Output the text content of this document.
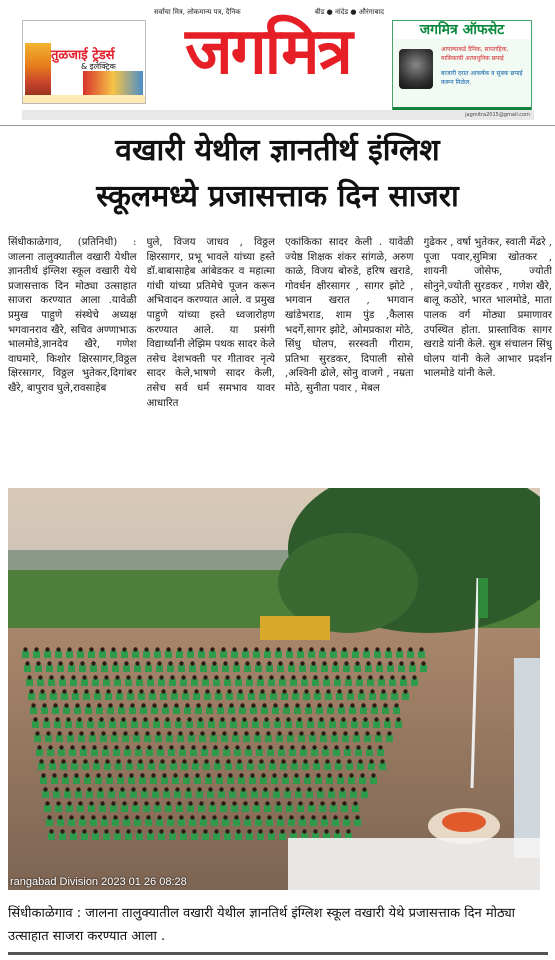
तुळजाई ट्रेडर्स
& इलेक्ट्रिक
सर्वांचा मित्र, लोकमान्य पत्र, दैनिक	बीड ● नांदेड ● औरंगाबाद
जगमित्र	जगमित्र ऑफसेट
आपल्याकडे दैनिक, साप्ताहिक, मासिकाची अत्याधुनिक छपाई
बाजारी दरात आकर्षक व सुबक छपाई करून मिळेल.
jagmitra2015@gmail.com
वखारी येथील ज्ञानतीर्थ इंग्लिश
स्कूलमध्ये प्रजासत्ताक दिन साजरा
सिंधीकाळेगाव, (प्रतिनिधी) : जालना तालुक्यातील वखारी येथील ज्ञानतीर्थ इंग्लिश स्कूल वखारी येथे प्रजासत्ताक दिन मोठ्या उत्साहात साजरा करण्यात आला .यावेळी प्रमुख पाहुणे संस्थेचे अध्यक्ष भगवानराव खैरे, सचिव अण्णाभाऊ भालमोडे,ज्ञानदेव खैरे, गणेश वाघमारे, किशोर क्षिरसागर,विठ्ठल क्षिरसागर, विठ्ठल भुतेकर,दिगांबर खैरे, बापुराव घुले,रावसाहेब
घुले, विजय जाधव , विठ्ठल क्षिरसागर, प्रभू भावले यांच्या हस्ते डॉ.बाबासाहेब आंबेडकर व महात्मा गांधी यांच्या प्रतिमेचे पूजन करून अभिवादन करण्यात आले. व प्रमुख पाहुणे यांच्या हस्ते ध्वजारोहण करण्यात आले. या प्रसंगी विद्यार्थ्यांनी लेझिम पथक सादर केले तसेच देशभक्ती पर गीतावर नृत्ये सादर केले,भाषणे सादर केली, तसेच सर्व धर्म समभाव यावर आधारित
एकांकिका सादर केली . यावेळी ज्येष्ठ शिक्षक शंकर सांगळे, अरुण काळे, विजय बोरुडे, हरिष खराडे, गोवर्धन क्षीरसागर , सागर झोटे , भगवान खरात , भगवान खांडेभराड, शाम पुंड ,कैलास भदर्गे,सागर झोटे, ओमप्रकाश मोठे, सिंधु घोलप, सरस्वती गीराम, प्रतिभा सुरडकर, दिपाली सोसे ,अश्विनी ढोले, सोनु वाजगे , नम्रता मोठे, सुनीता पवार , मेबल
गुढेकर , वर्षा भुतेकर, स्वाती मेंढरे , पूजा पवार,सुमित्रा खोतकर , शायनी जोसेफ, ज्योती सोनुने,ज्योती सुरडकर , गणेश खैरे, बालू कठोरे, भारत भालमोडे, माता पालक वर्ग मोठ्या प्रमाणावर उपस्थित होता. प्रास्ताविक सागर खराडे यांनी केले. सुत्र संचालन सिंधु घोलप यांनी केले आभार प्रदर्शन भालमोडे यांनी केले.
rangabad Division 2023 01 26 08:28
सिंधीकाळेगाव : जालना तालुक्यातील वखारी येथील ज्ञानतिर्थ इंग्लिश स्कूल वखारी येथे प्रजासत्ताक दिन मोठ्या उत्साहात साजरा करण्यात आला .
